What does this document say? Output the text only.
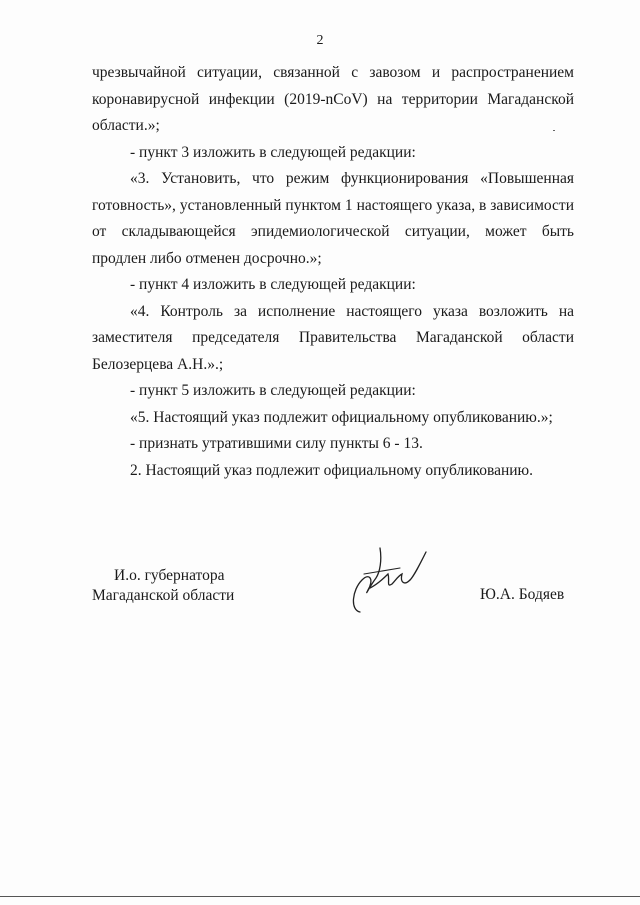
2

чрезвычайной ситуации, связанной с завозом и распространением коронавирусной инфекции (2019-nCoV) на территории Магаданской области.»;

- пункт 3 изложить в следующей редакции:

«3. Установить, что режим функционирования «Повышенная готовность», установленный пунктом 1 настоящего указа, в зависимости от складывающейся эпидемиологической ситуации, может быть продлен либо отменен досрочно.»;

- пункт 4 изложить в следующей редакции:

«4. Контроль за исполнение настоящего указа возложить на заместителя председателя Правительства Магаданской области Белозерцева А.Н.».;

- пункт 5 изложить в следующей редакции:

«5. Настоящий указ подлежит официальному опубликованию.»;

- признать утратившими силу пункты 6 - 13.

2. Настоящий указ подлежит официальному опубликованию.

И.о. губернатора
Магаданской области	Ю.А. Бодяев
